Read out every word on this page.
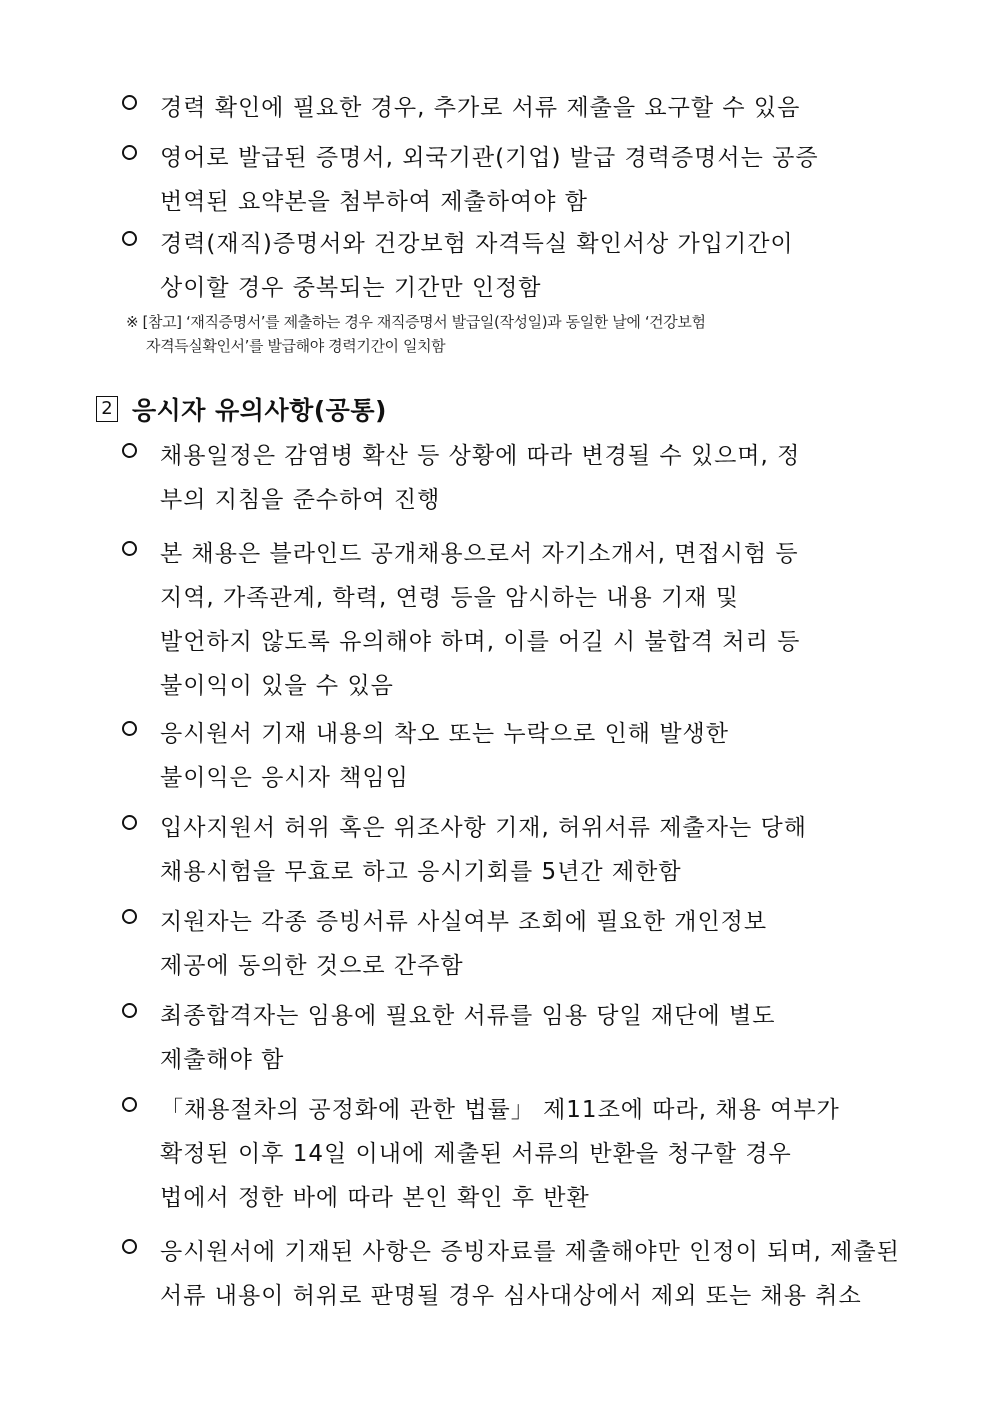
경력 확인에 필요한 경우, 추가로 서류 제출을 요구할 수 있음
영어로 발급된 증명서, 외국기관(기업) 발급 경력증명서는 공증
번역된 요약본을 첨부하여 제출하여야 함
경력(재직)증명서와 건강보험 자격득실 확인서상 가입기간이
상이할 경우 중복되는 기간만 인정함
※ [참고] ‘재직증명서’를 제출하는 경우 재직증명서 발급일(작성일)과 동일한 날에 ‘건강보험
자격득실확인서’를 발급해야 경력기간이 일치함
2 응시자 유의사항(공통)
채용일정은 감염병 확산 등 상황에 따라 변경될 수 있으며, 정
부의 지침을 준수하여 진행
본 채용은 블라인드 공개채용으로서 자기소개서, 면접시험 등
지역, 가족관계, 학력, 연령 등을 암시하는 내용 기재 및
발언하지 않도록 유의해야 하며, 이를 어길 시 불합격 처리 등
불이익이 있을 수 있음
응시원서 기재 내용의 착오 또는 누락으로 인해 발생한
불이익은 응시자 책임임
입사지원서 허위 혹은 위조사항 기재, 허위서류 제출자는 당해
채용시험을 무효로 하고 응시기회를 5년간 제한함
지원자는 각종 증빙서류 사실여부 조회에 필요한 개인정보
제공에 동의한 것으로 간주함
최종합격자는 임용에 필요한 서류를 임용 당일 재단에 별도
제출해야 함
「채용절차의 공정화에 관한 법률」 제11조에 따라, 채용 여부가
확정된 이후 14일 이내에 제출된 서류의 반환을 청구할 경우
법에서 정한 바에 따라 본인 확인 후 반환
응시원서에 기재된 사항은 증빙자료를 제출해야만 인정이 되며, 제출된
서류 내용이 허위로 판명될 경우 심사대상에서 제외 또는 채용 취소
